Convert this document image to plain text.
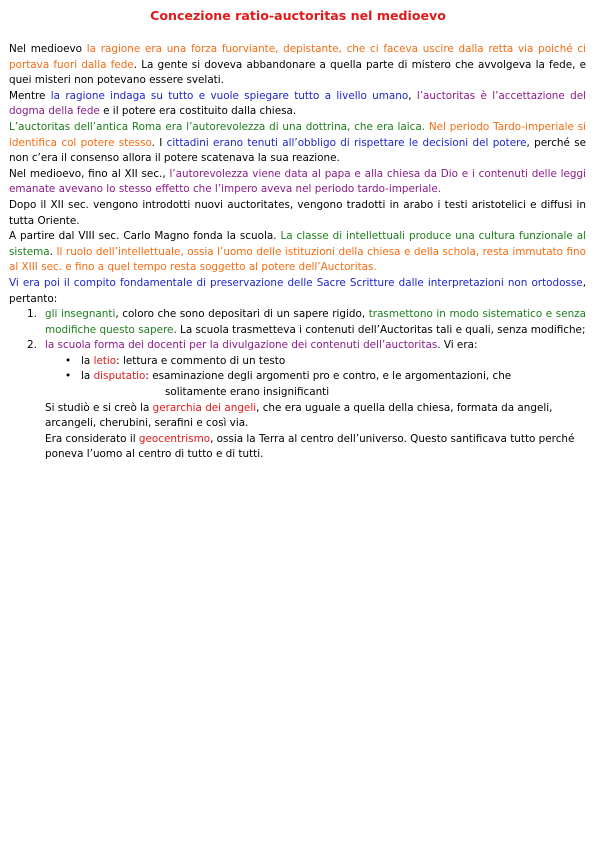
Concezione ratio-auctoritas nel medioevo

Nel medioevo la ragione era una forza fuorviante, depistante, che ci faceva uscire dalla retta via poiché ci portava fuori dalla fede. La gente si doveva abbandonare a quella parte di mistero che avvolgeva la fede, e quei misteri non potevano essere svelati.

Mentre la ragione indaga su tutto e vuole spiegare tutto a livello umano, l’auctoritas è l’accettazione del dogma della fede e il potere era costituito dalla chiesa.

L’auctoritas dell’antica Roma era l’autorevolezza di una dottrina, che era laica. Nel periodo Tardo-imperiale si identifica col potere stesso. I cittadini erano tenuti all’obbligo di rispettare le decisioni del potere, perché se non c’era il consenso allora il potere scatenava la sua reazione.

Nel medioevo, fino al XII sec., l’autorevolezza viene data al papa e alla chiesa da Dio e i contenuti delle leggi emanate avevano lo stesso effetto che l’impero aveva nel periodo tardo-imperiale.

Dopo il XII sec. vengono introdotti nuovi auctoritates, vengono tradotti in arabo i testi aristotelici e diffusi in tutta Oriente.

A partire dal VIII sec. Carlo Magno fonda la scuola. La classe di intellettuali produce una cultura funzionale al sistema. Il ruolo dell’intellettuale, ossia l’uomo delle istituzioni della chiesa e della schola, resta immutato fino al XIII sec. e fino a quel tempo resta soggetto al potere dell’Auctoritas.

Vi era poi il compito fondamentale di preservazione delle Sacre Scritture dalle interpretazioni non ortodosse, pertanto:

1. gli insegnanti, coloro che sono depositari di un sapere rigido, trasmettono in modo sistematico e senza modifiche questo sapere. La scuola trasmetteva i contenuti dell’Auctoritas tali e quali, senza modifiche;
2. la scuola forma dei docenti per la divulgazione dei contenuti dell’auctoritas. Vi era:
• la letio: lettura e commento di un testo
• la disputatio: esaminazione degli argomenti pro e contro, e le argomentazioni, che
solitamente erano insignificanti

Si studiò e si creò la gerarchia dei angeli, che era uguale a quella della chiesa, formata da angeli, arcangeli, cherubini, serafini e così via.

Era considerato il geocentrismo, ossia la Terra al centro dell’universo. Questo santificava tutto perché poneva l’uomo al centro di tutto e di tutti.
